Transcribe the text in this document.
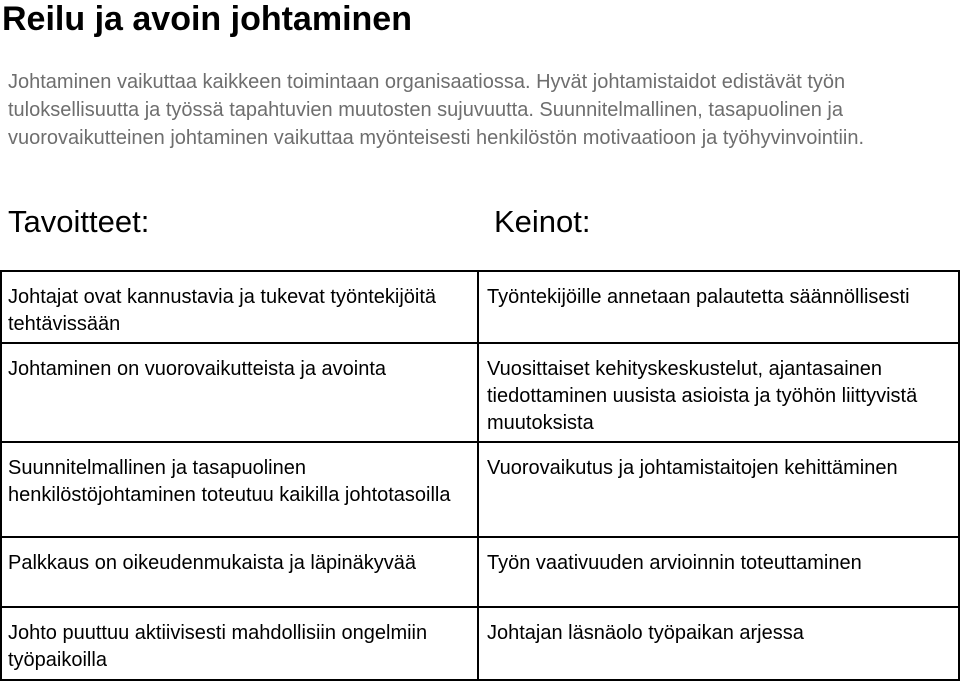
Reilu ja avoin johtaminen

Johtaminen vaikuttaa kaikkeen toimintaan organisaatiossa. Hyvät johtamistaidot edistävät työn tuloksellisuutta ja työssä tapahtuvien muutosten sujuvuutta. Suunnitelmallinen, tasapuolinen ja vuorovaikutteinen johtaminen vaikuttaa myönteisesti henkilöstön motivaatioon ja työhyvinvointiin.

Tavoitteet:	Keinot:
Johtajat ovat kannustavia ja tukevat työntekijöitä tehtävissään	Työntekijöille annetaan palautetta säännöllisesti
Johtaminen on vuorovaikutteista ja avointa	Vuosittaiset kehityskeskustelut, ajantasainen tiedottaminen uusista asioista ja työhön liittyvistä muutoksista
Suunnitelmallinen ja tasapuolinen henkilöstöjohtaminen toteutuu kaikilla johtotasoilla	Vuorovaikutus ja johtamistaitojen kehittäminen
Palkkaus on oikeudenmukaista ja läpinäkyvää	Työn vaativuuden arvioinnin toteuttaminen
Johto puuttuu aktiivisesti mahdollisiin ongelmiin työpaikoilla	Johtajan läsnäolo työpaikan arjessa
